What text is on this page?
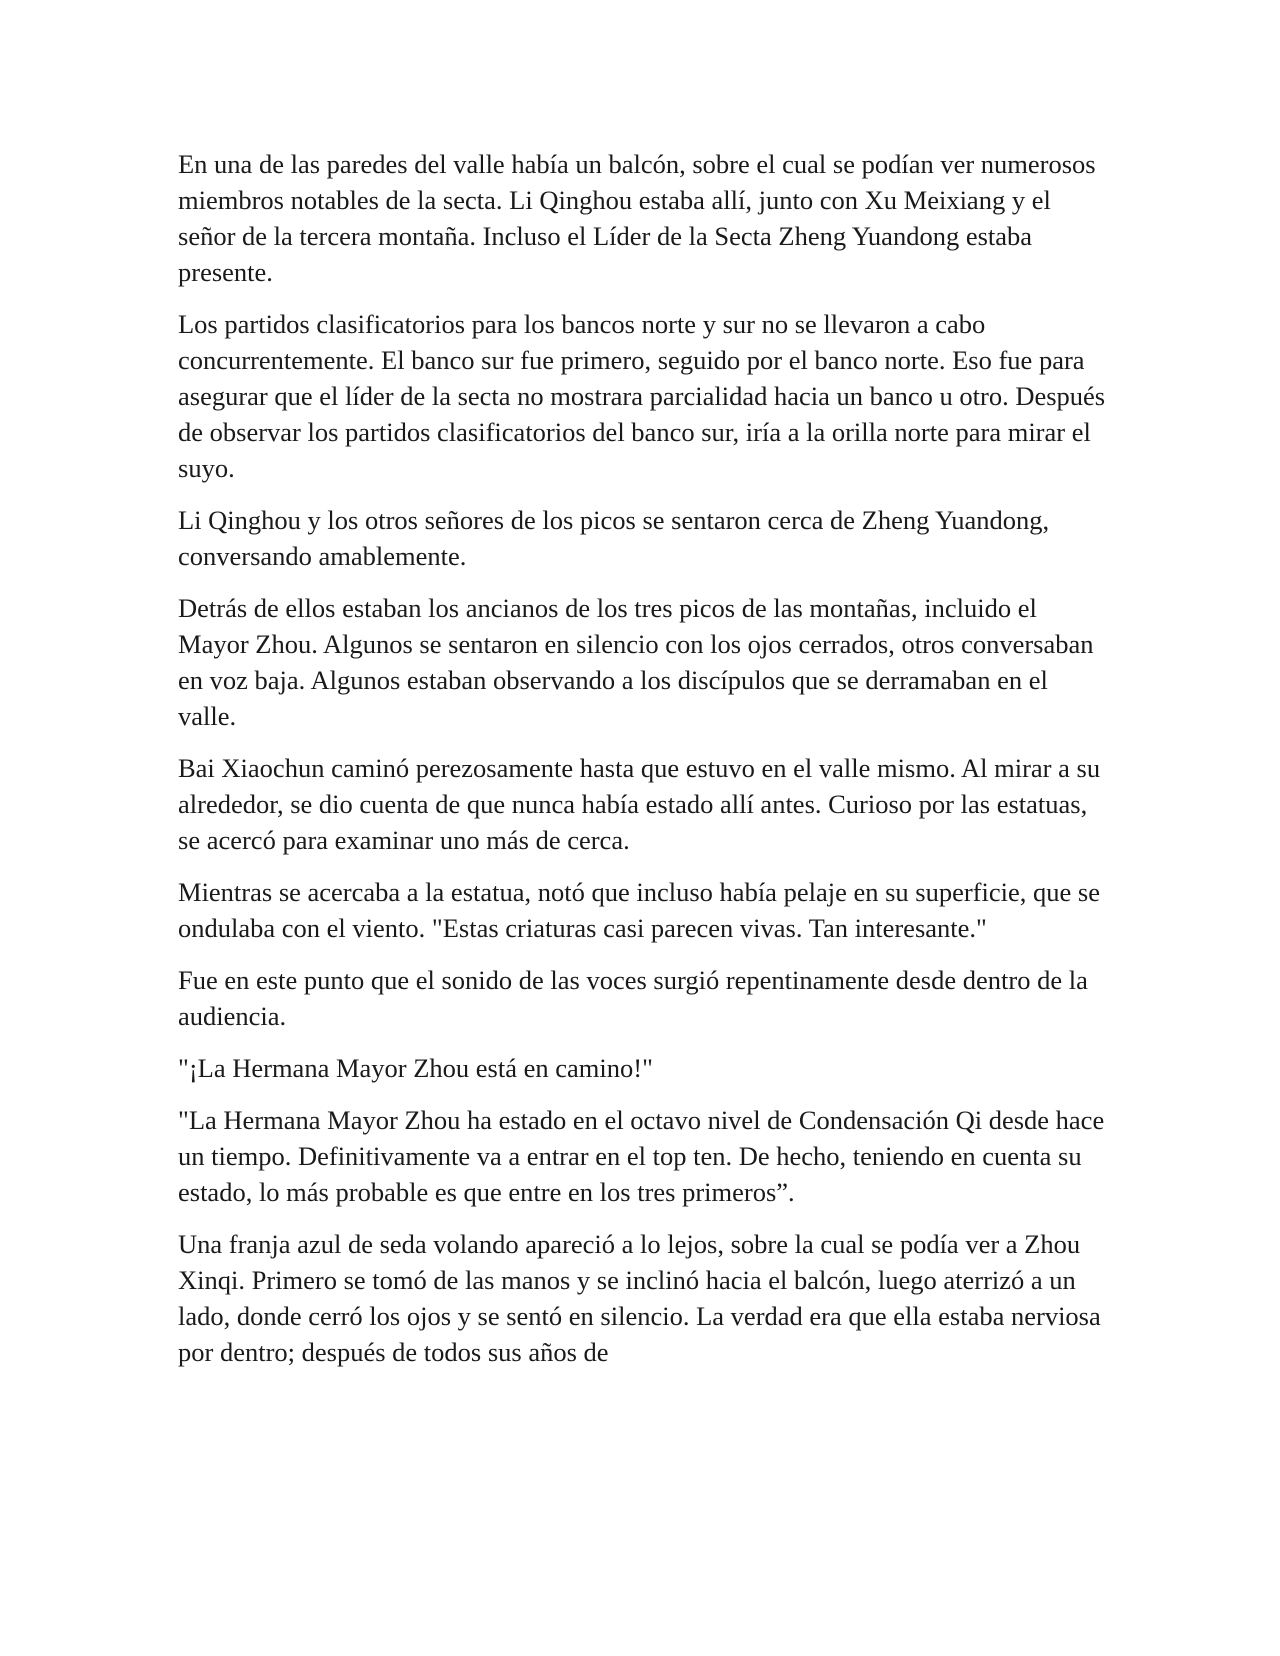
En una de las paredes del valle había un balcón, sobre el cual se podían ver numerosos miembros notables de la secta. Li Qinghou estaba allí, junto con Xu Meixiang y el señor de la tercera montaña. Incluso el Líder de la Secta Zheng Yuandong estaba presente.

Los partidos clasificatorios para los bancos norte y sur no se llevaron a cabo concurrentemente. El banco sur fue primero, seguido por el banco norte. Eso fue para asegurar que el líder de la secta no mostrara parcialidad hacia un banco u otro. Después de observar los partidos clasificatorios del banco sur, iría a la orilla norte para mirar el suyo.

Li Qinghou y los otros señores de los picos se sentaron cerca de Zheng Yuandong, conversando amablemente.

Detrás de ellos estaban los ancianos de los tres picos de las montañas, incluido el Mayor Zhou. Algunos se sentaron en silencio con los ojos cerrados, otros conversaban en voz baja. Algunos estaban observando a los discípulos que se derramaban en el valle.

Bai Xiaochun caminó perezosamente hasta que estuvo en el valle mismo. Al mirar a su alrededor, se dio cuenta de que nunca había estado allí antes. Curioso por las estatuas, se acercó para examinar uno más de cerca.

Mientras se acercaba a la estatua, notó que incluso había pelaje en su superficie, que se ondulaba con el viento. "Estas criaturas casi parecen vivas. Tan interesante."

Fue en este punto que el sonido de las voces surgió repentinamente desde dentro de la audiencia.

"¡La Hermana Mayor Zhou está en camino!"

"La Hermana Mayor Zhou ha estado en el octavo nivel de Condensación Qi desde hace un tiempo. Definitivamente va a entrar en el top ten. De hecho, teniendo en cuenta su estado, lo más probable es que entre en los tres primeros”.

Una franja azul de seda volando apareció a lo lejos, sobre la cual se podía ver a Zhou Xinqi. Primero se tomó de las manos y se inclinó hacia el balcón, luego aterrizó a un lado, donde cerró los ojos y se sentó en silencio. La verdad era que ella estaba nerviosa por dentro; después de todos sus años de
